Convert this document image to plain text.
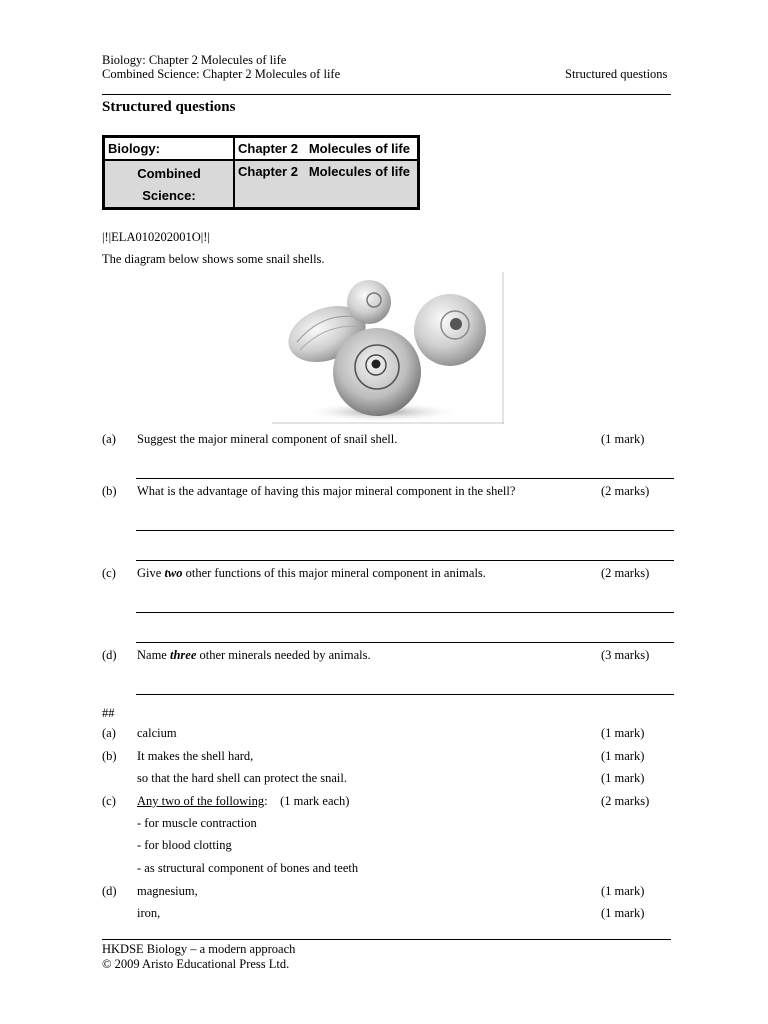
Biology: Chapter 2 Molecules of life
Combined Science: Chapter 2 Molecules of life	Structured questions
Structured questions
Biology:	Chapter 2 Molecules of life

Combined
Science:	Chapter 2 Molecules of life
|!|ELA010202001O|!|
The diagram below shows some snail shells.
(a) Suggest the major mineral component of snail shell.	(1 mark)
(b) What is the advantage of having this major mineral component in the shell?	(2 marks)
(c) Give two other functions of this major mineral component in animals.	(2 marks)
(d) Name three other minerals needed by animals.	(3 marks)
##
(a) calcium	(1 mark)
(b) It makes the shell hard,	(1 mark)
so that the hard shell can protect the snail.	(1 mark)
(c) Any two of the following: (1 mark each)	(2 marks)
- for muscle contraction
- for blood clotting
- as structural component of bones and teeth
(d) magnesium,	(1 mark)
iron,	(1 mark)
HKDSE Biology – a modern approach
© 2009 Aristo Educational Press Ltd.
